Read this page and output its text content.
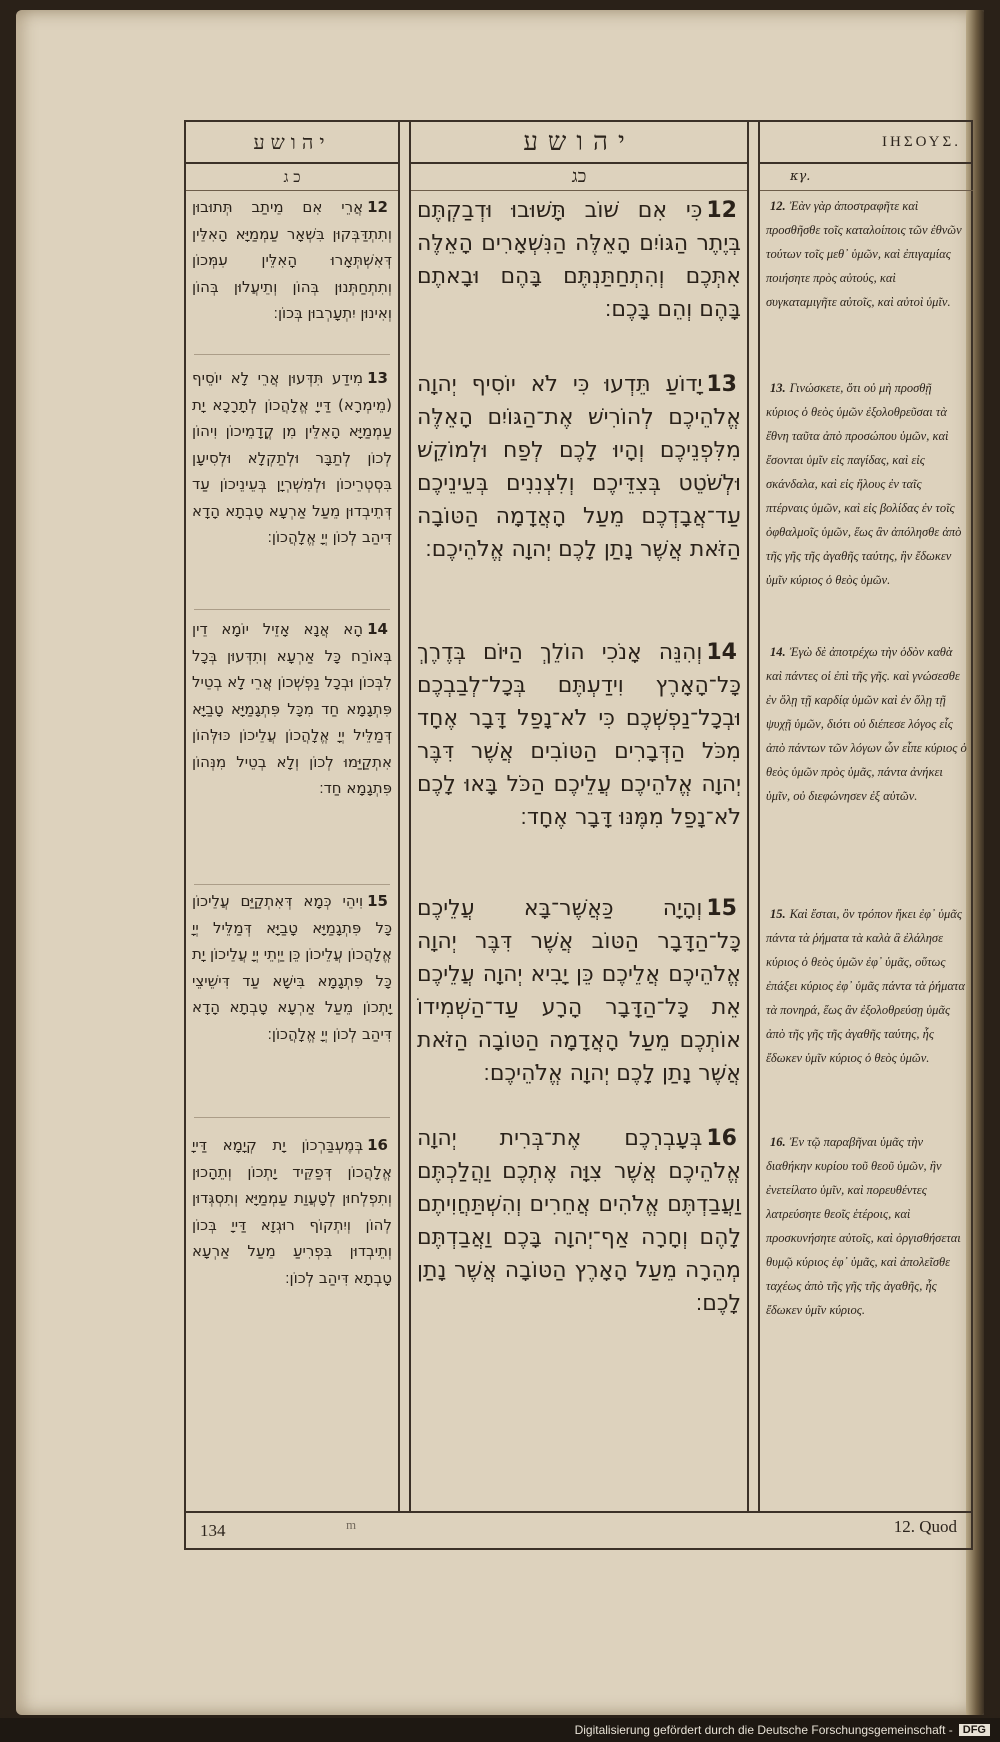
יהושע
כ ג
12אֲרֵי אִם מֵיתַב תְּתוּבוּן וְתִתְדַּבְּקוּן בִּשְׁאָר עַמְמַיָּא הָאִלֵּין דְּאִשְׁתְּאָרוּ הָאִלֵּין עִמְּכוֹן וְתִתְחַתְּנוּן בְּהוֹן וְתֵיעֲלוּן בְּהוֹן וְאִינוּן יִתְעָרְבוּן בְּכוֹן׃
13מִידַע תִּדְּעוּן אֲרֵי לָא יוֹסֵיף (מֵימְרָא) דַּייָ אֱלָהֲכוֹן לְתָרָכָא יָת עַמְמַיָּא הָאִלֵּין מִן קֳדָמֵיכוֹן וִיהוֹן לְכוֹן לְתַבָּר וּלְתַקְלָא וּלְסִיעָן בִּסְטְרֵיכוֹן וּלְמִשְׁרְיָן בְּעֵינֵיכוֹן עַד דְּתֵיבְדוּן מֵעַל אַרְעָא טָבְתָא הָדָא דִּיהַב לְכוֹן יְיָ אֱלָהֲכוֹן׃
14הָא אֲנָא אָזֵיל יוֹמָא דֵין בְּאוֹרַח כָּל אַרְעָא וְתִדְּעוּן בְּכָל לִבְּכוֹן וּבְכָל נַפְשְׁכוֹן אֲרֵי לָא בְטֵיל פִּתְגָמָא חַד מִכָּל פִּתְגָמַיָּא טָבַיָּא דְּמַלֵּיל יְיָ אֱלָהֲכוֹן עֲלֵיכוֹן כּוּלְּהוֹן אִתְקַיַּמוּ לְכוֹן וְלָא בְטֵיל מִנְּהוֹן פִּתְגָמָא חַד׃
15וִיהֵי כְּמָא דְּאִתְקַיַּם עֲלֵיכוֹן כָּל פִּתְגָמַיָּא טָבַיָּא דְּמַלֵּיל יְיָ אֱלָהֲכוֹן עֲלֵיכוֹן כֵּן יַיְתֵי יְיָ עֲלֵיכוֹן יָת כָּל פִּתְגָמָא בִּישָׁא עַד דִּישֵׁיצֵי יָתְכוֹן מֵעַל אַרְעָא טָבְתָא הָדָא דִּיהַב לְכוֹן יְיָ אֱלָהֲכוֹן׃
16בְּמֶעְבַּרְכוֹן יָת קְיָמָא דַּייָ אֱלָהֲכוֹן דְּפַקֵּיד יָתְכוֹן וְתֵהָכוּן וְתִפְלְחוּן לְטָעֲוַת עַמְמַיָּא וְתִסְגְּדוּן לְהוֹן וְיִתְקוֹף רוּגְזָא דַּייָ בְּכוֹן וְתֵיבְדוּן בִּפְרִיעַ מֵעַל אַרְעָא טָבְתָא דִּיהַב לְכוֹן׃
יהושע
כג
12כִּי אִם שׁוֹב תָּשׁוּבוּ וּדְבַקְתֶּם בְּיֶתֶר הַגּוֹיִם הָאֵלֶּה הַנִּשְׁאָרִים הָאֵלֶּה אִתְּכֶם וְהִתְחַתַּנְתֶּם בָּהֶם וּבָאתֶם בָּהֶם וְהֵם בָּכֶם׃
13יָדוֹעַ תֵּדְעוּ כִּי לֹא יוֹסִיף יְהוָה אֱלֹהֵיכֶם לְהוֹרִישׁ אֶת־הַגּוֹיִם הָאֵלֶּה מִלִּפְנֵיכֶם וְהָיוּ לָכֶם לְפַח וּלְמוֹקֵשׁ וּלְשֹׁטֵט בְּצִדֵּיכֶם וְלִצְנִנִים בְּעֵינֵיכֶם עַד־אֲבָדְכֶם מֵעַל הָאֲדָמָה הַטּוֹבָה הַזֹּאת אֲשֶׁר נָתַן לָכֶם יְהוָה אֱלֹהֵיכֶם׃
14וְהִנֵּה אָנֹכִי הוֹלֵךְ הַיּוֹם בְּדֶרֶךְ כָּל־הָאָרֶץ וִידַעְתֶּם בְּכָל־לְבַבְכֶם וּבְכָל־נַפְשְׁכֶם כִּי לֹא־נָפַל דָּבָר אֶחָד מִכֹּל הַדְּבָרִים הַטּוֹבִים אֲשֶׁר דִּבֶּר יְהוָה אֱלֹהֵיכֶם עֲלֵיכֶם הַכֹּל בָּאוּ לָכֶם לֹא־נָפַל מִמֶּנּוּ דָּבָר אֶחָד׃
15וְהָיָה כַּאֲשֶׁר־בָּא עֲלֵיכֶם כָּל־הַדָּבָר הַטּוֹב אֲשֶׁר דִּבֶּר יְהוָה אֱלֹהֵיכֶם אֲלֵיכֶם כֵּן יָבִיא יְהוָה עֲלֵיכֶם אֵת כָּל־הַדָּבָר הָרָע עַד־הַשְׁמִידוֹ אוֹתְכֶם מֵעַל הָאֲדָמָה הַטּוֹבָה הַזֹּאת אֲשֶׁר נָתַן לָכֶם יְהוָה אֱלֹהֵיכֶם׃
16בְּעָבְרְכֶם אֶת־בְּרִית יְהוָה אֱלֹהֵיכֶם אֲשֶׁר צִוָּה אֶתְכֶם וַהֲלַכְתֶּם וַעֲבַדְתֶּם אֱלֹהִים אֲחֵרִים וְהִשְׁתַּחֲוִיתֶם לָהֶם וְחָרָה אַף־יְהוָה בָּכֶם וַאֲבַדְתֶּם מְהֵרָה מֵעַל הָאָרֶץ הַטּוֹבָה אֲשֶׁר נָתַן לָכֶם׃
ΙΗΣΟΥΣ.
κγ.
12. Ἐὰν γὰρ ἀποστραφῆτε καὶ προσθῆσθε τοῖς καταλοίποις τῶν ἐθνῶν τούτων τοῖς μεθ᾽ ὑμῶν, καὶ ἐπιγαμίας ποιήσητε πρὸς αὐτούς, καὶ συγκαταμιγῆτε αὐτοῖς, καὶ αὐτοὶ ὑμῖν.
13. Γινώσκετε, ὅτι οὐ μὴ προσθῇ κύριος ὁ θεὸς ὑμῶν ἐξολοθρεῦσαι τὰ ἔθνη ταῦτα ἀπὸ προσώπου ὑμῶν, καὶ ἔσονται ὑμῖν εἰς παγίδας, καὶ εἰς σκάνδαλα, καὶ εἰς ἥλους ἐν ταῖς πτέρναις ὑμῶν, καὶ εἰς βολίδας ἐν τοῖς ὀφθαλμοῖς ὑμῶν, ἕως ἂν ἀπόλησθε ἀπὸ τῆς γῆς τῆς ἀγαθῆς ταύτης, ἣν ἔδωκεν ὑμῖν κύριος ὁ θεὸς ὑμῶν.
14. Ἐγὼ δὲ ἀποτρέχω τὴν ὁδὸν καθὰ καὶ πάντες οἱ ἐπὶ τῆς γῆς. καὶ γνώσεσθε ἐν ὅλῃ τῇ καρδίᾳ ὑμῶν καὶ ἐν ὅλῃ τῇ ψυχῇ ὑμῶν, διότι οὐ διέπεσε λόγος εἷς ἀπὸ πάντων τῶν λόγων ὧν εἶπε κύριος ὁ θεὸς ὑμῶν πρὸς ὑμᾶς, πάντα ἀνήκει ὑμῖν, οὐ διεφώνησεν ἐξ αὐτῶν.
15. Καὶ ἔσται, ὃν τρόπον ἥκει ἐφ᾽ ὑμᾶς πάντα τὰ ῥήματα τὰ καλὰ ἃ ἐλάλησε κύριος ὁ θεὸς ὑμῶν ἐφ᾽ ὑμᾶς, οὕτως ἐπάξει κύριος ἐφ᾽ ὑμᾶς πάντα τὰ ῥήματα τὰ πονηρά, ἕως ἂν ἐξολοθρεύσῃ ὑμᾶς ἀπὸ τῆς γῆς τῆς ἀγαθῆς ταύτης, ἧς ἔδωκεν ὑμῖν κύριος ὁ θεὸς ὑμῶν.
16. Ἐν τῷ παραβῆναι ὑμᾶς τὴν διαθήκην κυρίου τοῦ θεοῦ ὑμῶν, ἣν ἐνετείλατο ὑμῖν, καὶ πορευθέντες λατρεύσητε θεοῖς ἑτέροις, καὶ προσκυνήσητε αὐτοῖς, καὶ ὀργισθήσεται θυμῷ κύριος ἐφ᾽ ὑμᾶς, καὶ ἀπολεῖσθε ταχέως ἀπὸ τῆς γῆς τῆς ἀγαθῆς, ἧς ἔδωκεν ὑμῖν κύριος.
134	m	12. Quod
Digitalisierung gefördert durch die Deutsche Forschungsgemeinschaft - DFG
